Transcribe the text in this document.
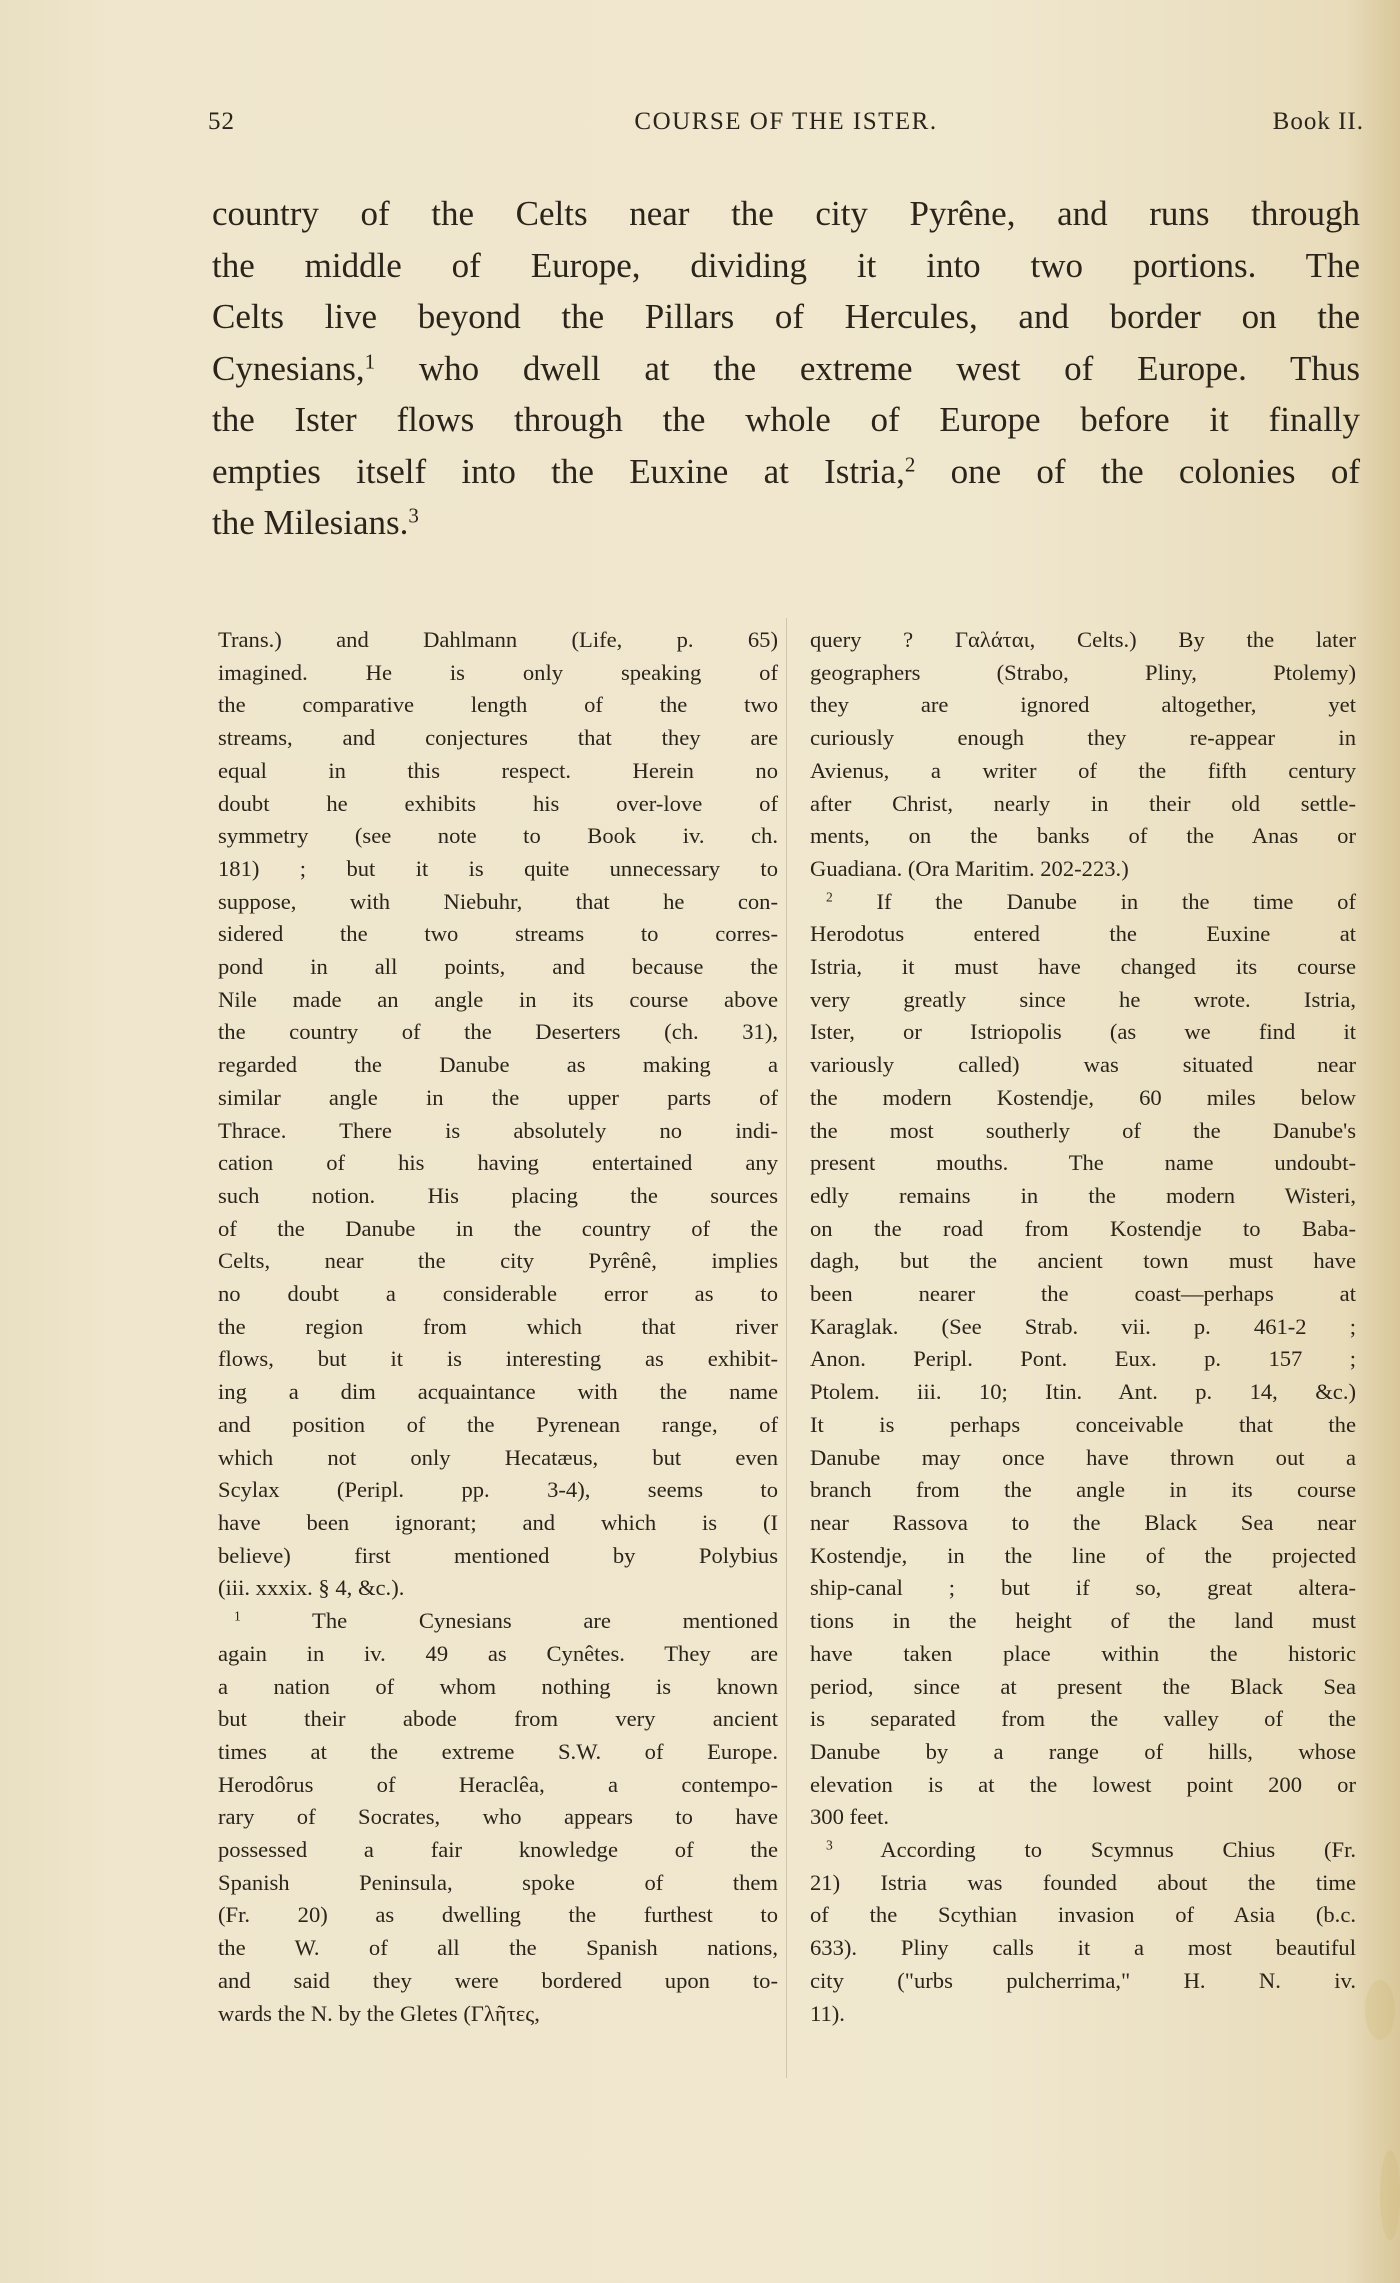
52	COURSE OF THE ISTER.	Book II.
country of the Celts near the city Pyrêne, and runs through
the middle of Europe, dividing it into two portions. The
Celts live beyond the Pillars of Hercules, and border on the
Cynesians,$^1$ who dwell at the extreme west of Europe. Thus
the Ister flows through the whole of Europe before it finally
empties itself into the Euxine at Istria,$^2$ one of the colonies of
the Milesians.$^3$
Trans.) and Dahlmann (Life, p. 65)
imagined. He is only speaking of
the comparative length of the two
streams, and conjectures that they are
equal in this respect. Herein no
doubt he exhibits his over-love of
symmetry (see note to Book iv. ch.
181) ; but it is quite unnecessary to
suppose, with Niebuhr, that he con-
sidered the two streams to corres-
pond in all points, and because the
Nile made an angle in its course above
the country of the Deserters (ch. 31),
regarded the Danube as making a
similar angle in the upper parts of
Thrace. There is absolutely no indi-
cation of his having entertained any
such notion. His placing the sources
of the Danube in the country of the
Celts, near the city Pyrênê, implies
no doubt a considerable error as to
the region from which that river
flows, but it is interesting as exhibit-
ing a dim acquaintance with the name
and position of the Pyrenean range, of
which not only Hecatæus, but even
Scylax (Peripl. pp. 3-4), seems to
have been ignorant; and which is (I
believe) first mentioned by Polybius
(iii. xxxix. § 4, &c.).
$^1$ The Cynesians are mentioned
again in iv. 49 as Cynêtes. They are
a nation of whom nothing is known
but their abode from very ancient
times at the extreme S.W. of Europe.
Herodôrus of Heraclêa, a contempo-
rary of Socrates, who appears to have
possessed a fair knowledge of the
Spanish Peninsula, spoke of them
(Fr. 20) as dwelling the furthest to
the W. of all the Spanish nations,
and said they were bordered upon to-
wards the N. by the Gletes (Γλῆτες,
query ? Γαλάται, Celts.) By the later
geographers (Strabo, Pliny, Ptolemy)
they are ignored altogether, yet
curiously enough they re-appear in
Avienus, a writer of the fifth century
after Christ, nearly in their old settle-
ments, on the banks of the Anas or
Guadiana. (Ora Maritim. 202-223.)
$^2$ If the Danube in the time of
Herodotus entered the Euxine at
Istria, it must have changed its course
very greatly since he wrote. Istria,
Ister, or Istriopolis (as we find it
variously called) was situated near
the modern Kostendje, 60 miles below
the most southerly of the Danube's
present mouths. The name undoubt-
edly remains in the modern Wisteri,
on the road from Kostendje to Baba-
dagh, but the ancient town must have
been nearer the coast—perhaps at
Karaglak. (See Strab. vii. p. 461-2 ;
Anon. Peripl. Pont. Eux. p. 157 ;
Ptolem. iii. 10; Itin. Ant. p. 14, &c.)
It is perhaps conceivable that the
Danube may once have thrown out a
branch from the angle in its course
near Rassova to the Black Sea near
Kostendje, in the line of the projected
ship-canal ; but if so, great altera-
tions in the height of the land must
have taken place within the historic
period, since at present the Black Sea
is separated from the valley of the
Danube by a range of hills, whose
elevation is at the lowest point 200 or
300 feet.
$^3$ According to Scymnus Chius (Fr.
21) Istria was founded about the time
of the Scythian invasion of Asia (b.c.
633). Pliny calls it a most beautiful
city ("urbs pulcherrima," H. N. iv.
11).
